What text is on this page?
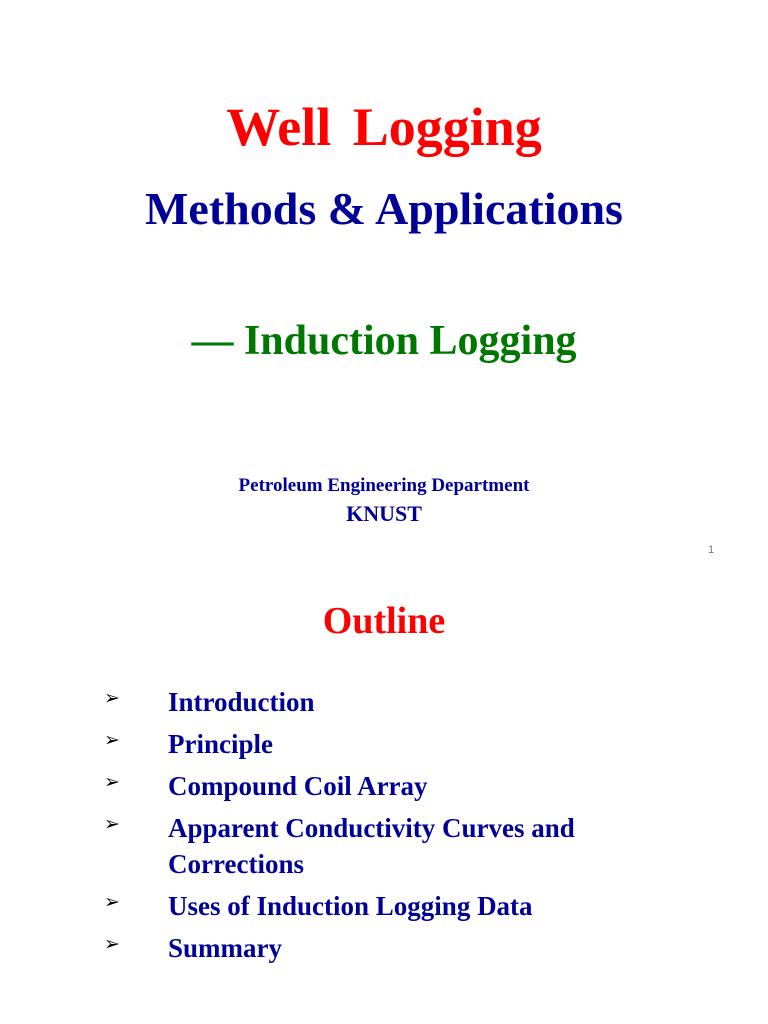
Well Logging
Methods & Applications
— Induction Logging
Petroleum Engineering Department
KNUST
1
Outline
➢ Introduction
➢ Principle
➢ Compound Coil Array
➢ Apparent Conductivity Curves and Corrections
➢ Uses of Induction Logging Data
➢ Summary
